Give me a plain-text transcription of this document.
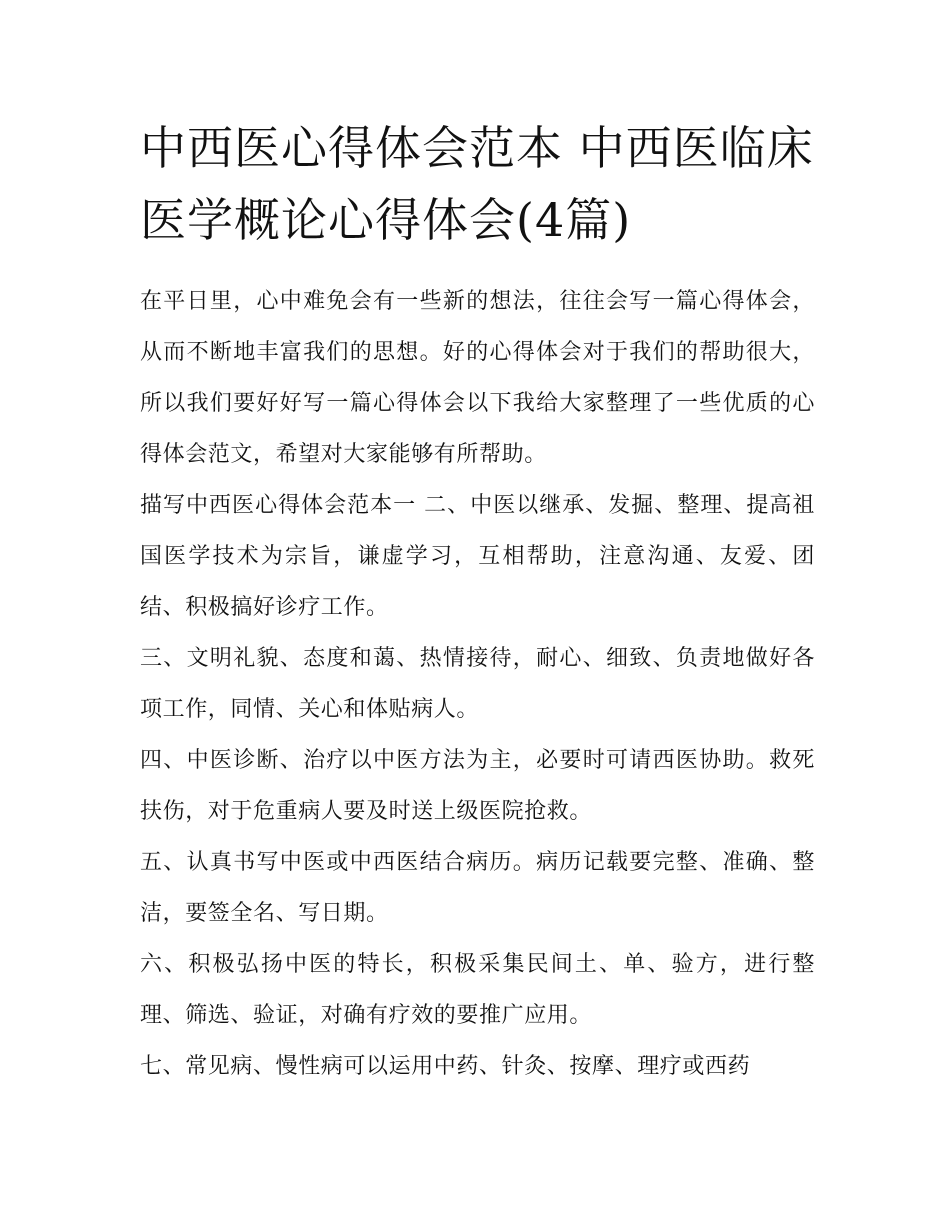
中西医心得体会范本 中西医临床医学概论心得体会(4篇)

在平日里，心中难免会有一些新的想法，往往会写一篇心得体会，从而不断地丰富我们的思想。好的心得体会对于我们的帮助很大，所以我们要好好写一篇心得体会以下我给大家整理了一些优质的心得体会范文，希望对大家能够有所帮助。

描写中西医心得体会范本一 二、中医以继承、发掘、整理、提高祖国医学技术为宗旨，谦虚学习，互相帮助，注意沟通、友爱、团结、积极搞好诊疗工作。

三、文明礼貌、态度和蔼、热情接待，耐心、细致、负责地做好各项工作，同情、关心和体贴病人。

四、中医诊断、治疗以中医方法为主，必要时可请西医协助。救死扶伤，对于危重病人要及时送上级医院抢救。

五、认真书写中医或中西医结合病历。病历记载要完整、准确、整洁，要签全名、写日期。

六、积极弘扬中医的特长，积极采集民间土、单、验方，进行整理、筛选、验证，对确有疗效的要推广应用。

七、常见病、慢性病可以运用中药、针灸、按摩、理疗或西药
